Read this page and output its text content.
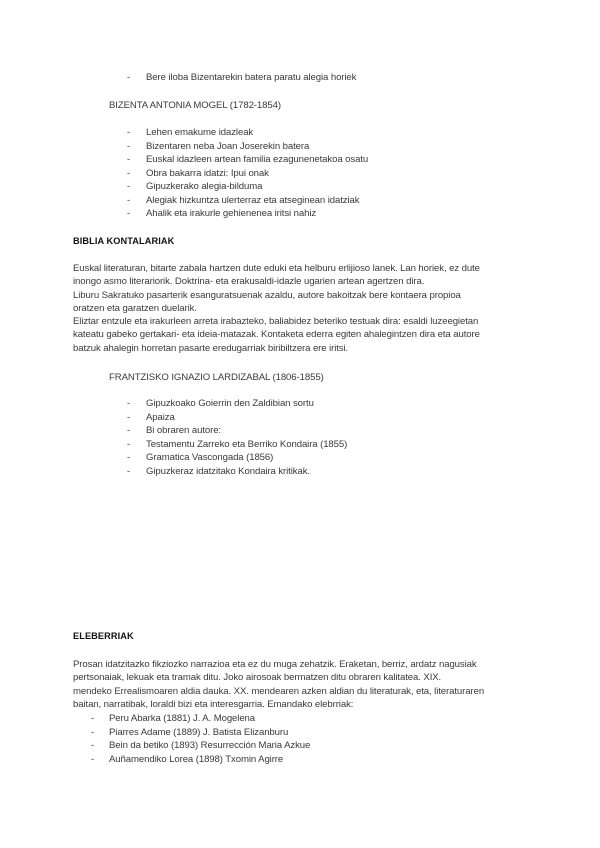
- Bere iloba Bizentarekin batera paratu alegia horiek
BIZENTA ANTONIA MOGEL (1782-1854)
- Lehen emakume idazleak
- Bizentaren neba Joan Joserekin batera
- Euskal idazleen artean familia ezagunenetakoa osatu
- Obra bakarra idatzi: Ipui onak
- Gipuzkerako alegia-bilduma
- Alegiak hizkuntza ulerterraz eta atseginean idatziak
- Ahalik eta irakurle gehienenea iritsi nahiz
BIBLIA KONTALARIAK

Euskal literaturan, bitarte zabala hartzen dute eduki eta helburu erlijioso lanek. Lan horiek, ez dute
inongo asmo literariorik. Doktrina- eta erakusaldi-idazle ugarien artean agertzen dira.
Liburu Sakratuko pasarterik esanguratsuenak azaldu, autore bakoitzak bere kontaera propioa
oratzen eta garatzen duelarik.
Eliztar entzule eta irakurleen arreta irabazteko, baliabidez beteriko testuak dira: esaldi luzeegietan
kateatu gabeko gertakari- eta ideia-matazak. Kontaketa ederra egiten ahalegintzen dira eta autore
batzuk ahalegin horretan pasarte eredugarriak biribiltzera ere iritsi.

FRANTZISKO IGNAZIO LARDIZABAL (1806-1855)
- Gipuzkoako Goierrin den Zaldibian sortu
- Apaiza
- Bi obraren autore:
- Testamentu Zarreko eta Berriko Kondaira (1855)
- Gramatica Vascongada (1856)
- Gipuzkeraz idatzitako Kondaira kritikak.
ELEBERRIAK

Prosan idatzitazko fikziozko narrazioa eta ez du muga zehatzik. Eraketan, berriz, ardatz nagusiak
pertsonaiak, lekuak eta tramak ditu. Joko airosoak bermatzen ditu obraren kalitatea. XIX.
mendeko Errealismoaren aldia dauka. XX. mendearen azken aldian du literaturak, eta, literaturaren
baitan, narratibak, loraldi bizi eta interesgarria. Emandako elebrriak:

- Peru Abarka (1881) J. A. Mogelena
- Piarres Adame (1889) J. Batista Elizanburu
- Bein da betiko (1893) Resurrección Maria Azkue
- Auñamendiko Lorea (1898) Txomin Agirre
